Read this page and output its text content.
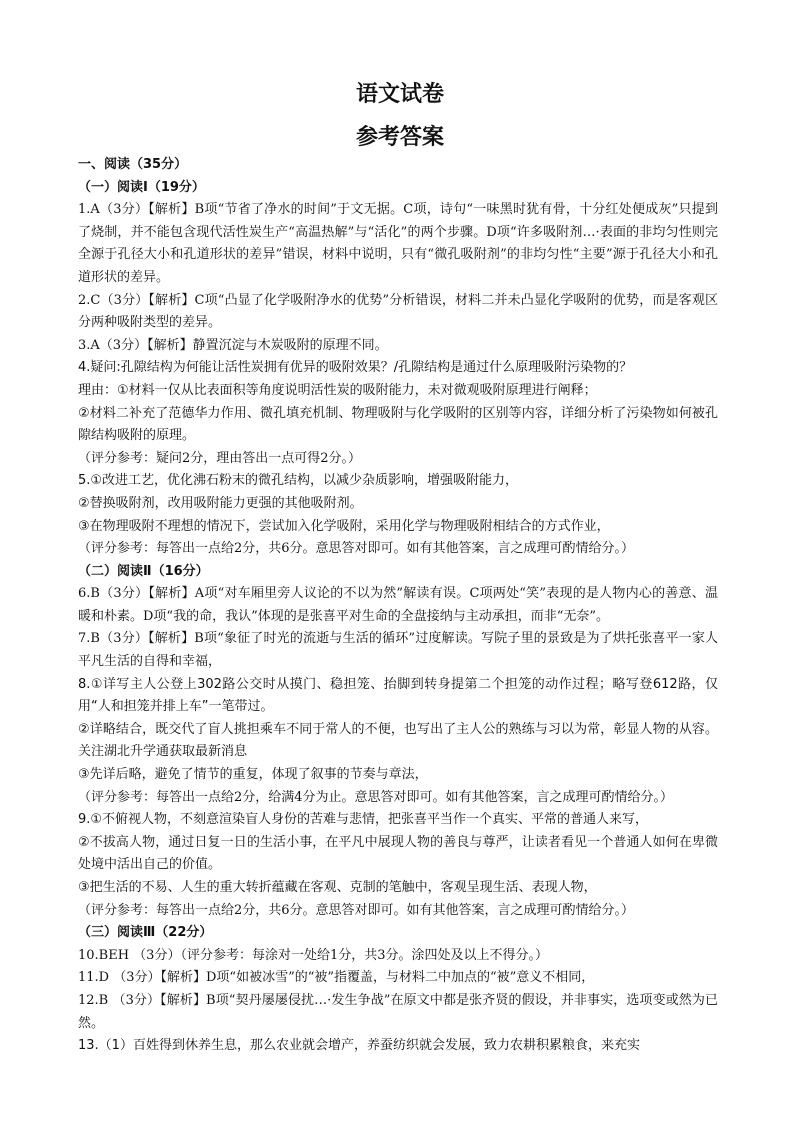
语文试卷
参考答案

一、阅读（35分）

（一）阅读Ⅰ（19分）

1.A（3分）【解析】B项“节省了净水的时间”于文无据。C项，诗句“一味黑时犹有骨，十分红处便成灰”只提到了烧制，并不能包含现代活性炭生产“高温热解”与“活化”的两个步骤。D项“许多吸附剂…·表面的非均匀性则完全源于孔径大小和孔道形状的差异”错误，材料中说明，只有“微孔吸附剂”的非均匀性“主要”源于孔径大小和孔道形状的差异。

2.C（3分）【解析】C项“凸显了化学吸附净水的优势”分析错误，材料二并未凸显化学吸附的优势，而是客观区分两种吸附类型的差异。

3.A（3分）【解析】静置沉淀与木炭吸附的原理不同。

4.疑问:孔隙结构为何能让活性炭拥有优异的吸附效果？/孔隙结构是通过什么原理吸附污染物的？

理由：①材料一仅从比表面积等角度说明活性炭的吸附能力，未对微观吸附原理进行阐释；

②材料二补充了范德华力作用、微孔填充机制、物理吸附与化学吸附的区别等内容，详细分析了污染物如何被孔隙结构吸附的原理。

（评分参考：疑问2分，理由答出一点可得2分。）

5.①改进工艺，优化沸石粉末的微孔结构，以减少杂质影响，增强吸附能力，

②替换吸附剂，改用吸附能力更强的其他吸附剂。

③在物理吸附不理想的情况下，尝试加入化学吸附，采用化学与物理吸附相结合的方式作业，

（评分参考：每答出一点给2分，共6分。意思答对即可。如有其他答案，言之成理可酌情给分。）

（二）阅读Ⅱ（16分）

6.B（3分）【解析】A项“对车厢里旁人议论的不以为然”解读有误。C项两处“笑”表现的是人物内心的善意、温暖和朴素。D项“我的命，我认”体现的是张喜平对生命的全盘接纳与主动承担，而非“无奈”。

7.B（3分）【解析】B项“象征了时光的流逝与生活的循环”过度解读。写院子里的景致是为了烘托张喜平一家人平凡生活的自得和幸福，

8.①详写主人公登上302路公交时从摸门、稳担笼、抬脚到转身提第二个担笼的动作过程；略写登612路，仅用“人和担笼并排上车”一笔带过。

②详略结合，既交代了盲人挑担乘车不同于常人的不便，也写出了主人公的熟练与习以为常，彰显人物的从容。关注湖北升学通获取最新消息

③先详后略，避免了情节的重复，体现了叙事的节奏与章法，

（评分参考：每答出一点给2分，给满4分为止。意思答对即可。如有其他答案，言之成理可酌情给分。）

9.①不俯视人物，不刻意渲染盲人身份的苦难与悲情，把张喜平当作一个真实、平常的普通人来写，

②不拔高人物，通过日复一日的生活小事，在平凡中展现人物的善良与尊严，让读者看见一个普通人如何在卑微处境中活出自己的价值。

③把生活的不易、人生的重大转折蕴藏在客观、克制的笔触中，客观呈现生活、表现人物，

（评分参考：每答出一点给2分，共6分。意思答对即可。如有其他答案，言之成理可酌情给分。）

（三）阅读Ⅲ（22分）

10.BEH （3分）（评分参考：每涂对一处给1分，共3分。涂四处及以上不得分。）

11.D （3分）【解析】D项“如被冰雪”的“被”指覆盖，与材料二中加点的“被”意义不相同，

12.B （3分）【解析】B项“契丹屡屡侵扰…·发生争战”在原文中都是张齐贤的假设，并非事实，选项变或然为已然。

13.（1）百姓得到休养生息，那么农业就会增产，养蚕纺织就会发展，致力农耕积累粮食，来充实
